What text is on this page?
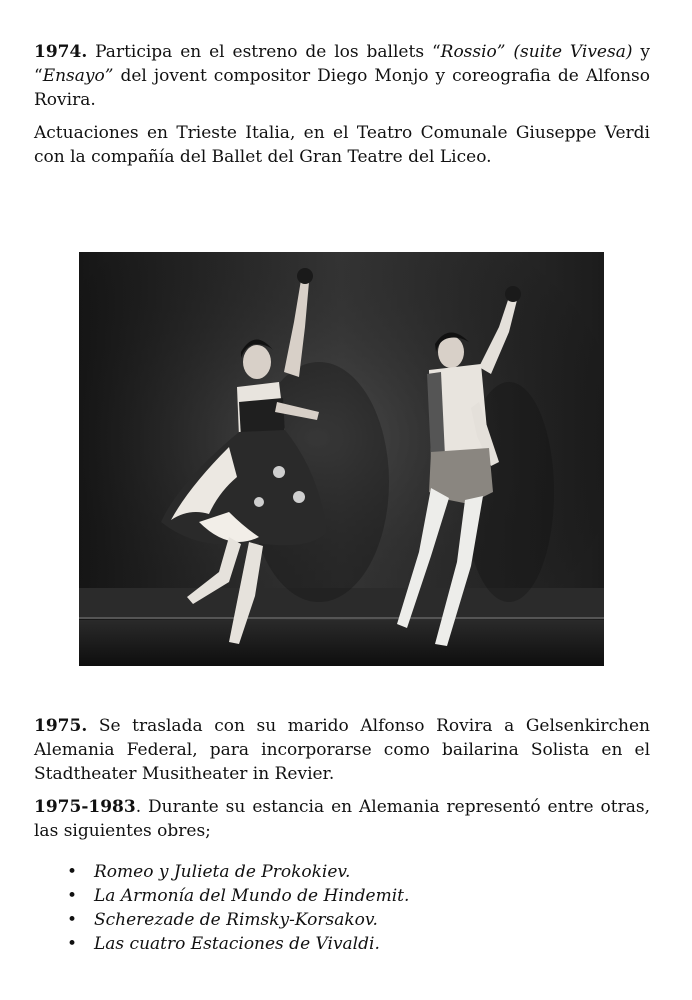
1974. Participa en el estreno de los ballets “Rossio” (suite Vivesa) y “Ensayo” del jovent compositor Diego Monjo y coreografia de Alfonso Rovira.

Actuaciones en Trieste Italia, en el Teatro Comunale Giuseppe Verdi con la compañía del Ballet del Gran Teatre del Liceo.

1975. Se traslada con su marido Alfonso Rovira a Gelsenkirchen Alemania Federal, para incorporarse como bailarina Solista en el Stadtheater Musitheater in Revier.

1975-1983. Durante su estancia en Alemania representó entre otras, las siguientes obres;

• Romeo y Julieta de Prokokiev.
• La Armonía del Mundo de Hindemit.
• Scherezade de Rimsky-Korsakov.
• Las cuatro Estaciones de Vivaldi.
